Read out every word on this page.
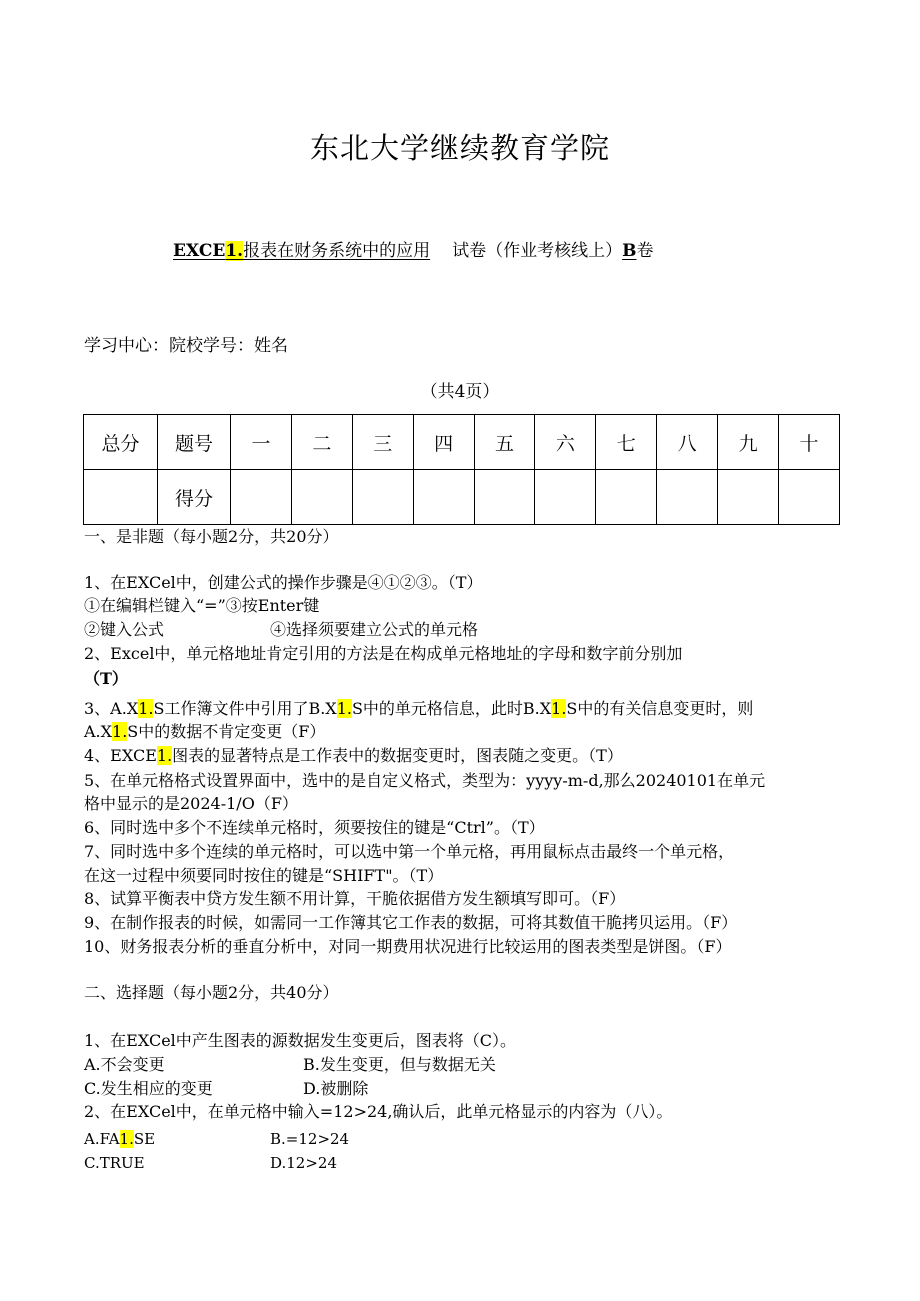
东北大学继续教育学院
EXCE1.报表在财务系统中的应用 试卷（作业考核线上）B卷
学习中心：院校学号：姓名
（共4页）
总分	题号	一	二	三	四	五	六	七	八	九	十
	得分										
一、是非题（每小题2分，共20分）
1、在EXCel中，创建公式的操作步骤是④①②③。（T）
①在编辑栏键入“=”③按Enter键
②键入公式	④选择须要建立公式的单元格
2、Excel中，单元格地址肯定引用的方法是在构成单元格地址的字母和数字前分别加
（T）
3、A.X1.S工作簿文件中引用了B.X1.S中的单元格信息，此时B.X1.S中的有关信息变更时，则
A.X1.S中的数据不肯定变更（F）
4、EXCE1.图表的显著特点是工作表中的数据变更时，图表随之变更。（T）
5、在单元格格式设置界面中，选中的是自定义格式，类型为：yyyy-m-d,那么20240101在单元
格中显示的是2024-1/O（F）
6、同时选中多个不连续单元格时，须要按住的键是“Ctrl”。（T）
7、同时选中多个连续的单元格时，可以选中第一个单元格，再用鼠标点击最终一个单元格，
在这一过程中须要同时按住的键是“SHIFT"。（T）
8、试算平衡表中贷方发生额不用计算，干脆依据借方发生额填写即可。（F）
9、在制作报表的时候，如需同一工作簿其它工作表的数据，可将其数值干脆拷贝运用。（F）
10、财务报表分析的垂直分析中，对同一期费用状况进行比较运用的图表类型是饼图。（F）
二、选择题（每小题2分，共40分）
1、在EXCel中产生图表的源数据发生变更后，图表将（C）。
A.不会变更	B.发生变更，但与数据无关
C.发生相应的变更	D.被删除
2、在EXCel中，在单元格中输入=12>24,确认后，此单元格显示的内容为（八）。
A.FA1.SE	B.=12>24
C.TRUE	D.12>24
